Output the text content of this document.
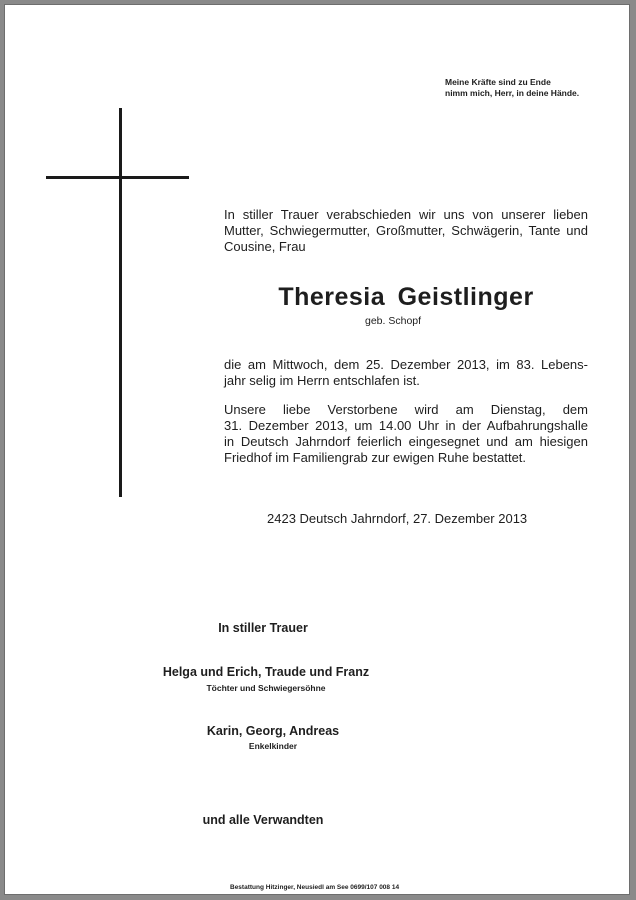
Meine Kräfte sind zu Ende
nimm mich, Herr, in deine Hände.
In stiller Trauer verabschieden wir uns von unserer lieben Mutter, Schwiegermutter, Großmutter, Schwägerin, Tante und Cousine, Frau
Theresia Geistlinger
geb. Schopf
die am Mittwoch, dem 25. Dezember 2013, im 83. Lebens-
jahr selig im Herrn entschlafen ist.
Unsere liebe Verstorbene wird am Dienstag, dem
31. Dezember 2013, um 14.00 Uhr in der Aufbahrungshalle
in Deutsch Jahrndorf feierlich eingesegnet und am hiesigen
Friedhof im Familiengrab zur ewigen Ruhe bestattet.
2423 Deutsch Jahrndorf, 27. Dezember 2013
In stiller Trauer
Helga und Erich, Traude und Franz
Töchter und Schwiegersöhne
Karin, Georg, Andreas
Enkelkinder
und alle Verwandten
Bestattung Hitzinger, Neusiedl am See 0699/107 008 14
